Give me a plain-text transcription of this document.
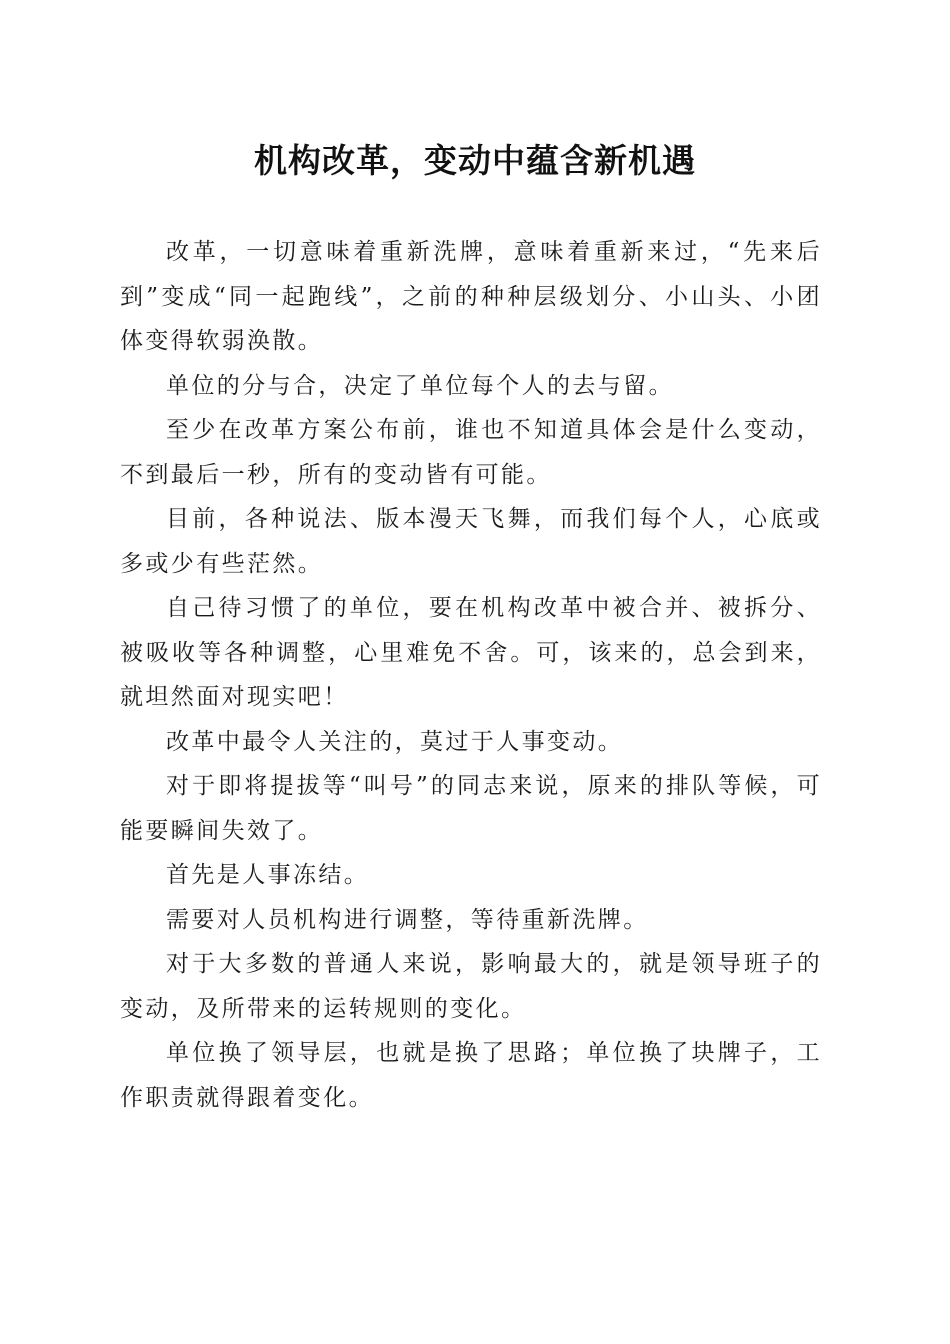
机构改革，变动中蕴含新机遇

改革，一切意味着重新洗牌，意味着重新来过，“先来后到”变成“同一起跑线”，之前的种种层级划分、小山头、小团体变得软弱涣散。

单位的分与合，决定了单位每个人的去与留。

至少在改革方案公布前，谁也不知道具体会是什么变动，不到最后一秒，所有的变动皆有可能。

目前，各种说法、版本漫天飞舞，而我们每个人，心底或多或少有些茫然。

自己待习惯了的单位，要在机构改革中被合并、被拆分、被吸收等各种调整，心里难免不舍。可，该来的，总会到来，就坦然面对现实吧！

改革中最令人关注的，莫过于人事变动。

对于即将提拔等“叫号”的同志来说，原来的排队等候，可能要瞬间失效了。

首先是人事冻结。

需要对人员机构进行调整，等待重新洗牌。

对于大多数的普通人来说，影响最大的，就是领导班子的变动，及所带来的运转规则的变化。

单位换了领导层，也就是换了思路；单位换了块牌子，工作职责就得跟着变化。
